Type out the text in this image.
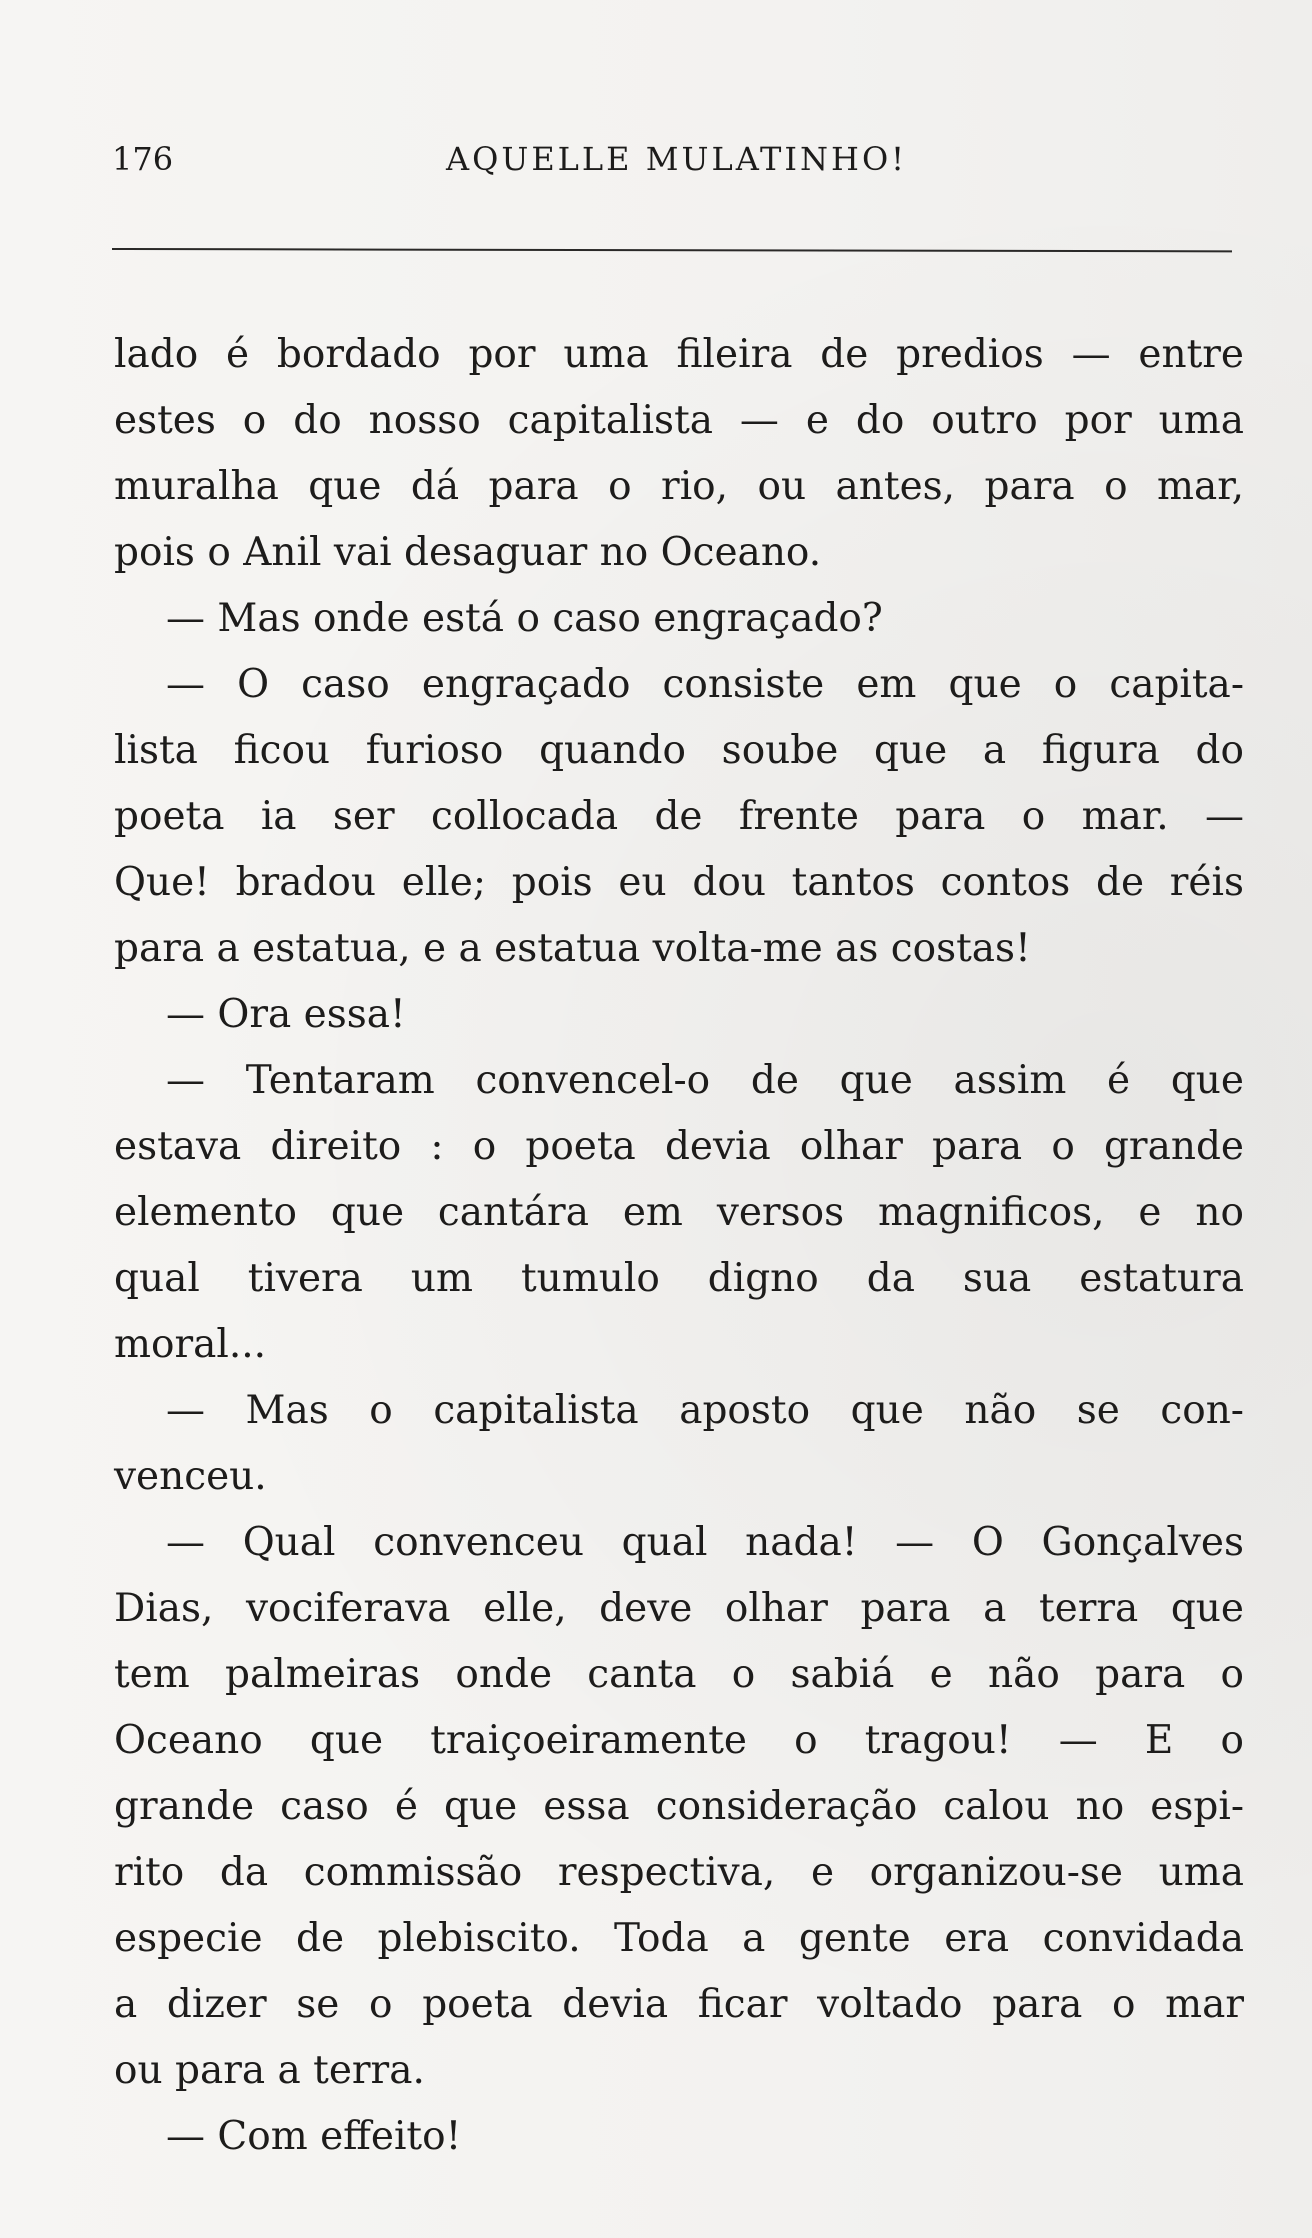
176	AQUELLE MULATINHO!
lado é bordado por uma fileira de predios — entre
estes o do nosso capitalista — e do outro por uma
muralha que dá para o rio, ou antes, para o mar,
pois o Anil vai desaguar no Oceano.
— Mas onde está o caso engraçado?
— O caso engraçado consiste em que o capita-
lista ficou furioso quando soube que a figura do
poeta ia ser collocada de frente para o mar. —
Que! bradou elle; pois eu dou tantos contos de réis
para a estatua, e a estatua volta-me as costas!
— Ora essa!
— Tentaram convencel-o de que assim é que
estava direito : o poeta devia olhar para o grande
elemento que cantára em versos magnificos, e no
qual tivera um tumulo digno da sua estatura
moral...
— Mas o capitalista aposto que não se con-
venceu.
— Qual convenceu qual nada! — O Gonçalves
Dias, vociferava elle, deve olhar para a terra que
tem palmeiras onde canta o sabiá e não para o
Oceano que traiçoeiramente o tragou! — E o
grande caso é que essa consideração calou no espi-
rito da commissão respectiva, e organizou-se uma
especie de plebiscito. Toda a gente era convidada
a dizer se o poeta devia ficar voltado para o mar
ou para a terra.
— Com effeito!
